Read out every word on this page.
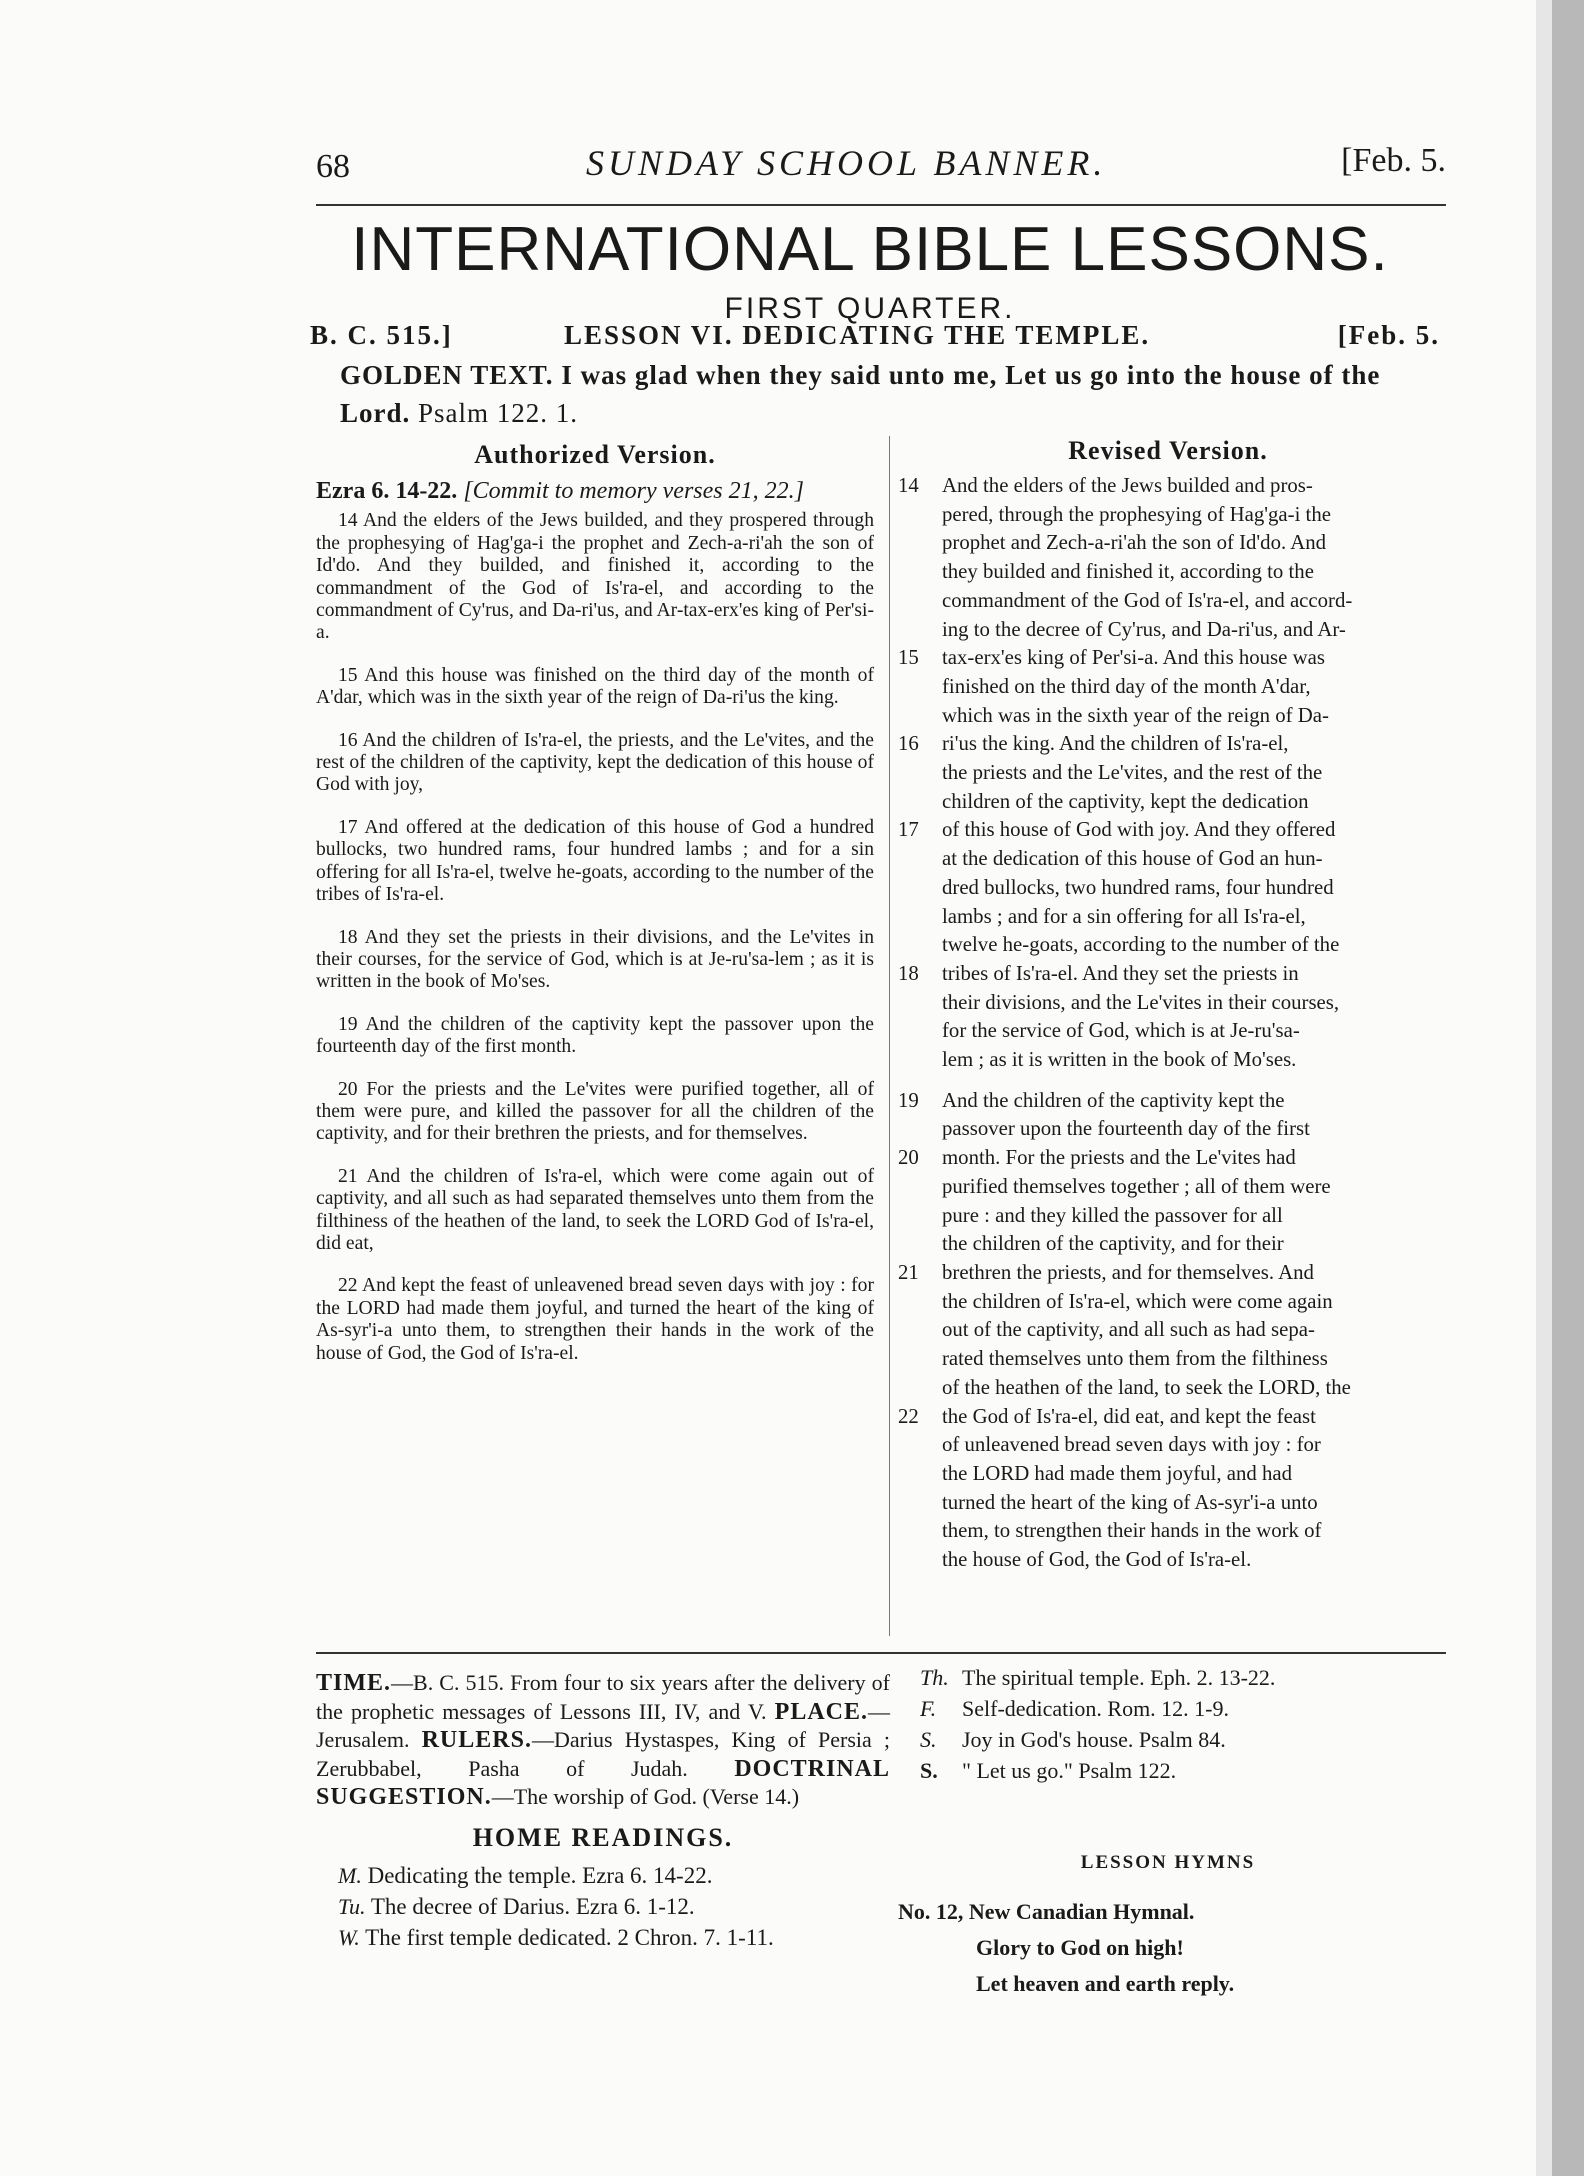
68	SUNDAY SCHOOL BANNER.	[Feb. 5.
INTERNATIONAL BIBLE LESSONS.
FIRST QUARTER.
B. C. 515.]	LESSON VI. DEDICATING THE TEMPLE.	[Feb. 5.
GOLDEN TEXT. I was glad when they said unto me, Let us go into the house of the Lord. Psalm 122. 1.
Authorized Version.	Revised Version.
Ezra 6. 14-22. [Commit to memory verses 21, 22.]

14 And the elders of the Jews builded, and they prospered through the prophesying of Hag'ga-i the prophet and Zech-a-ri'ah the son of Id'do. And they builded, and finished it, according to the commandment of the God of Is'ra-el, and according to the commandment of Cy'rus, and Da-ri'us, and Ar-tax-erx'es king of Per'si-a.

15 And this house was finished on the third day of the month of A'dar, which was in the sixth year of the reign of Da-ri'us the king.

16 And the children of Is'ra-el, the priests, and the Le'vites, and the rest of the children of the captivity, kept the dedication of this house of God with joy,

17 And offered at the dedication of this house of God a hundred bullocks, two hundred rams, four hundred lambs ; and for a sin offering for all Is'ra-el, twelve he-goats, according to the number of the tribes of Is'ra-el.

18 And they set the priests in their divisions, and the Le'vites in their courses, for the service of God, which is at Je-ru'sa-lem ; as it is written in the book of Mo'ses.

19 And the children of the captivity kept the passover upon the fourteenth day of the first month.

20 For the priests and the Le'vites were purified together, all of them were pure, and killed the passover for all the children of the captivity, and for their brethren the priests, and for themselves.

21 And the children of Is'ra-el, which were come again out of captivity, and all such as had separated themselves unto them from the filthiness of the heathen of the land, to seek the LORD God of Is'ra-el, did eat,

22 And kept the feast of unleavened bread seven days with joy : for the LORD had made them joyful, and turned the heart of the king of As-syr'i-a unto them, to strengthen their hands in the work of the house of God, the God of Is'ra-el.

14 And the elders of the Jews builded and pros-
pered, through the prophesying of Hag'ga-i the
prophet and Zech-a-ri'ah the son of Id'do. And
they builded and finished it, according to the
commandment of the God of Is'ra-el, and accord-
ing to the decree of Cy'rus, and Da-ri'us, and Ar-
15 tax-erx'es king of Per'si-a. And this house was
finished on the third day of the month A'dar,
which was in the sixth year of the reign of Da-
16 ri'us the king. And the children of Is'ra-el,
the priests and the Le'vites, and the rest of the
children of the captivity, kept the dedication
17 of this house of God with joy. And they offered
at the dedication of this house of God an hun-
dred bullocks, two hundred rams, four hundred
lambs ; and for a sin offering for all Is'ra-el,
twelve he-goats, according to the number of the
18 tribes of Is'ra-el. And they set the priests in
their divisions, and the Le'vites in their courses,
for the service of God, which is at Je-ru'sa-
lem ; as it is written in the book of Mo'ses.
19 And the children of the captivity kept the
passover upon the fourteenth day of the first
20 month. For the priests and the Le'vites had
purified themselves together ; all of them were
pure : and they killed the passover for all
the children of the captivity, and for their
21 brethren the priests, and for themselves. And
the children of Is'ra-el, which were come again
out of the captivity, and all such as had sepa-
rated themselves unto them from the filthiness
of the heathen of the land, to seek the LORD, the
22 the God of Is'ra-el, did eat, and kept the feast
of unleavened bread seven days with joy : for
the LORD had made them joyful, and had
turned the heart of the king of As-syr'i-a unto
them, to strengthen their hands in the work of
the house of God, the God of Is'ra-el.
TIME.—B. C. 515. From four to six years after the delivery of the prophetic messages of Lessons III, IV, and V. PLACE.—Jerusalem. RULERS.—Darius Hystaspes, King of Persia ; Zerubbabel, Pasha of Judah. DOCTRINAL SUGGESTION.—The worship of God. (Verse 14.)
HOME READINGS.
M. Dedicating the temple. Ezra 6. 14-22.
Tu. The decree of Darius. Ezra 6. 1-12.
W. The first temple dedicated. 2 Chron. 7. 1-11.
Th. The spiritual temple. Eph. 2. 13-22.
F. Self-dedication. Rom. 12. 1-9.
S. Joy in God's house. Psalm 84.
S. " Let us go." Psalm 122.
LESSON HYMNS
No. 12, New Canadian Hymnal.
Glory to God on high!
Let heaven and earth reply.
